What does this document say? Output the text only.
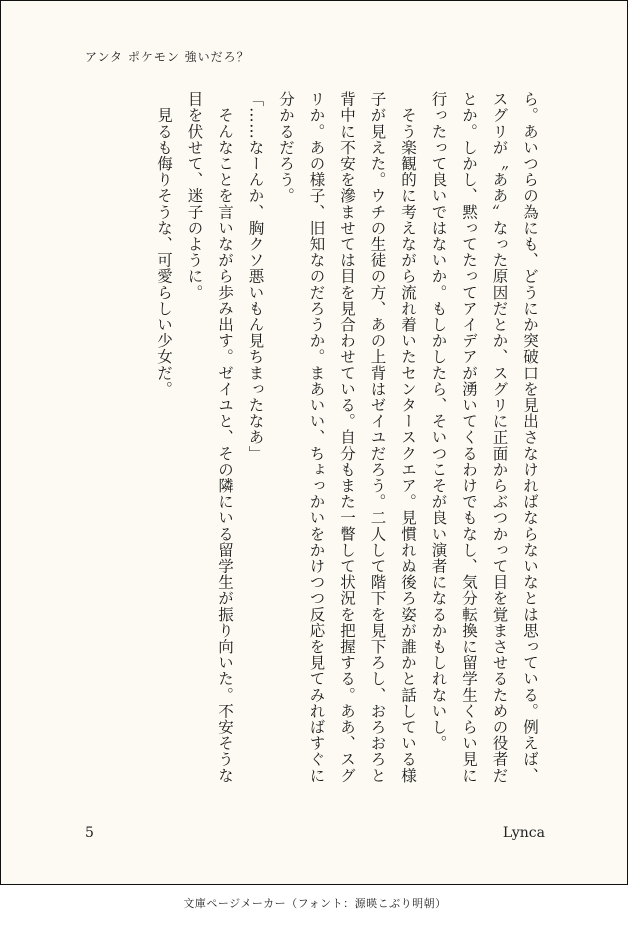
アンタ ポケモン 強いだろ？

ら。あいつらの為にも、どうにか突破口を見出さなければならないなとは思っている。例えば、スグリが〝ああ〟なった原因だとか、スグリに正面からぶつかって目を覚まさせるための役者だとか。しかし、黙ってたってアイデアが湧いてくるわけでもなし、気分転換に留学生くらい見に行ったって良いではないか。もしかしたら、そいつこそが良い演者になるかもしれないし。

　そう楽観的に考えながら流れ着いたセンタースクエア。見慣れぬ後ろ姿が誰かと話している様子が見えた。ウチの生徒の方、あの上背はゼイユだろう。二人して階下を見下ろし、おろおろと背中に不安を滲ませては目を見合わせている。自分もまた一瞥して状況を把握する。ああ、スグリか。あの様子、旧知なのだろうか。まあいい、ちょっかいをかけつつ反応を見てみればすぐに分かるだろう。

「……なーんか、胸クソ悪いもん見ちまったなあ」

　そんなことを言いながら歩み出す。ゼイユと、その隣にいる留学生が振り向いた。不安そうな目を伏せて、迷子のように。

　見るも侮りそうな、可愛らしい少女だ。

5	Lynca
文庫ページメーカー（フォント：源暎こぶり明朝）
